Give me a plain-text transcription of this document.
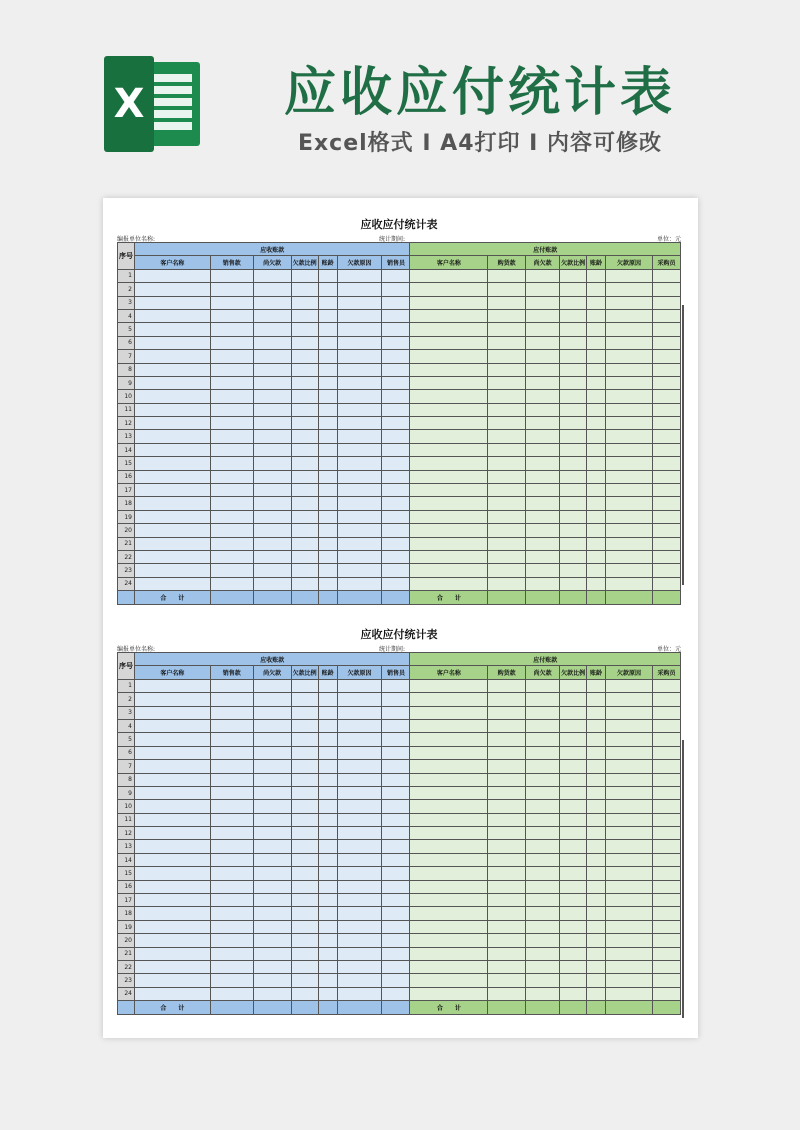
X	应收应付统计表
Excel格式 I A4打印 I 内容可修改
应收应付统计表
编报单位名称:	统计期间:	单位：元
序号	应收账款							应付账款						
	客户名称	销售款	尚欠款	欠款比例	账龄	欠款原因	销售员	客户名称	购货款	尚欠款	欠款比例	账龄	欠款原因	采购员
1														
2														
3														
4														
5														
6														
7														
8														
9														
10														
11														
12														
13														
14														
15														
16														
17														
18														
19														
20														
21														
22														
23														
24														
	合　　计							合　　计						
应收应付统计表
编报单位名称:	统计期间:	单位：元
序号	应收账款							应付账款						
	客户名称	销售款	尚欠款	欠款比例	账龄	欠款原因	销售员	客户名称	购货款	尚欠款	欠款比例	账龄	欠款原因	采购员
1														
2														
3														
4														
5														
6														
7														
8														
9														
10														
11														
12														
13														
14														
15														
16														
17														
18														
19														
20														
21														
22														
23														
24														
	合　　计							合　　计						
